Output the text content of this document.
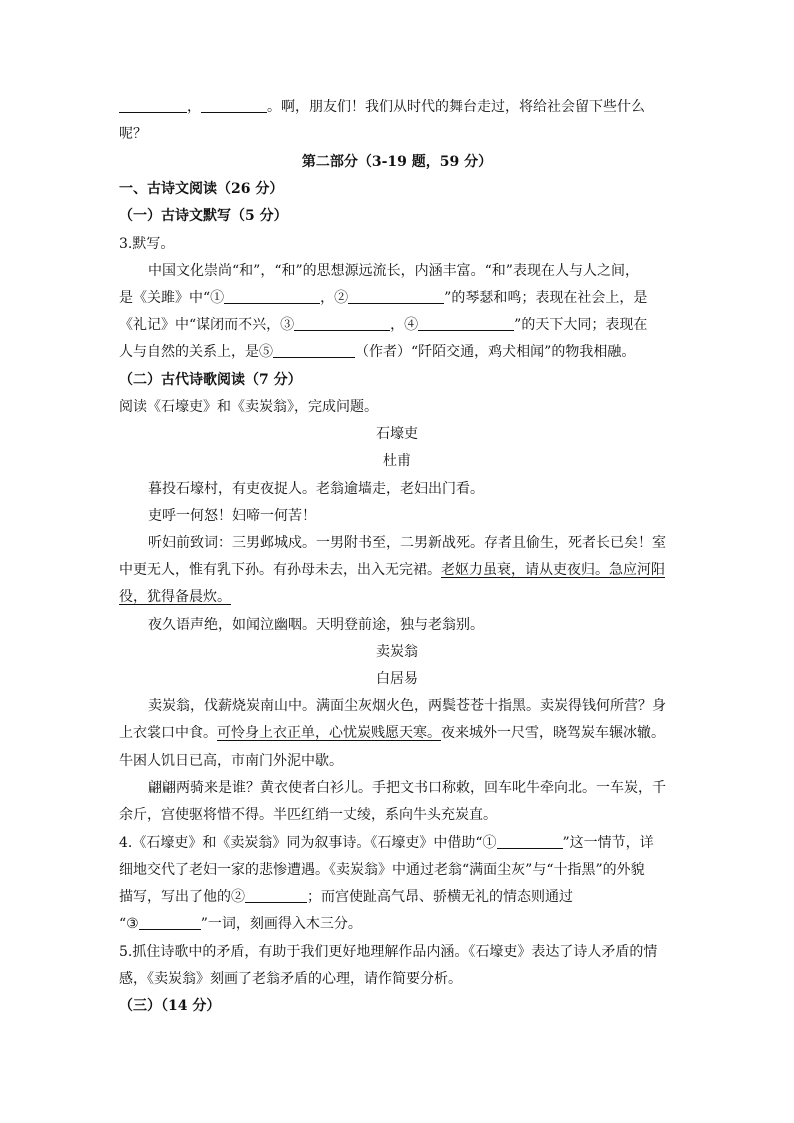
，	。啊，朋友们！我们从时代的舞台走过，将给社会留下些什么
呢？
第二部分（3-19 题，59 分）
一、古诗文阅读（26 分）
（一）古诗文默写（5 分）
3.默写。
中国文化崇尚“和”，“和”的思想源远流长，内涵丰富。“和”表现在人与人之间，
是《关雎》中“①	，②	”的琴瑟和鸣；表现在社会上，是
《礼记》中“谋闭而不兴，③	，④	”的天下大同；表现在
人与自然的关系上，是⑤	（作者）“阡陌交通，鸡犬相闻”的物我相融。
（二）古代诗歌阅读（7 分）
阅读《石壕吏》和《卖炭翁》，完成问题。
石壕吏
杜甫
暮投石壕村，有吏夜捉人。老翁逾墙走，老妇出门看。
吏呼一何怒！妇啼一何苦！
听妇前致词：三男邺城戍。一男附书至，二男新战死。存者且偷生，死者长已矣！室
中更无人，惟有乳下孙。有孙母未去，出入无完裙。老妪力虽衰，请从吏夜归。急应河阳
役，犹得备晨炊。
夜久语声绝，如闻泣幽咽。天明登前途，独与老翁别。
卖炭翁
白居易
卖炭翁，伐薪烧炭南山中。满面尘灰烟火色，两鬓苍苍十指黑。卖炭得钱何所营？身
上衣裳口中食。可怜身上衣正单，心忧炭贱愿天寒。夜来城外一尺雪，晓驾炭车辗冰辙。
牛困人饥日已高，市南门外泥中歇。
翩翩两骑来是谁？黄衣使者白衫儿。手把文书口称敕，回车叱牛牵向北。一车炭，千
余斤，宫使驱将惜不得。半匹红绡一丈绫，系向牛头充炭直。
4.《石壕吏》和《卖炭翁》同为叙事诗。《石壕吏》中借助“①	”这一情节，详
细地交代了老妇一家的悲惨遭遇。《卖炭翁》中通过老翁“满面尘灰”与“十指黑”的外貌
描写，写出了他的②	；而宫使趾高气昂、骄横无礼的情态则通过
“③	”一词，刻画得入木三分。
5.抓住诗歌中的矛盾，有助于我们更好地理解作品内涵。《石壕吏》表达了诗人矛盾的情
感，《卖炭翁》刻画了老翁矛盾的心理，请作简要分析。
（三）（14 分）
